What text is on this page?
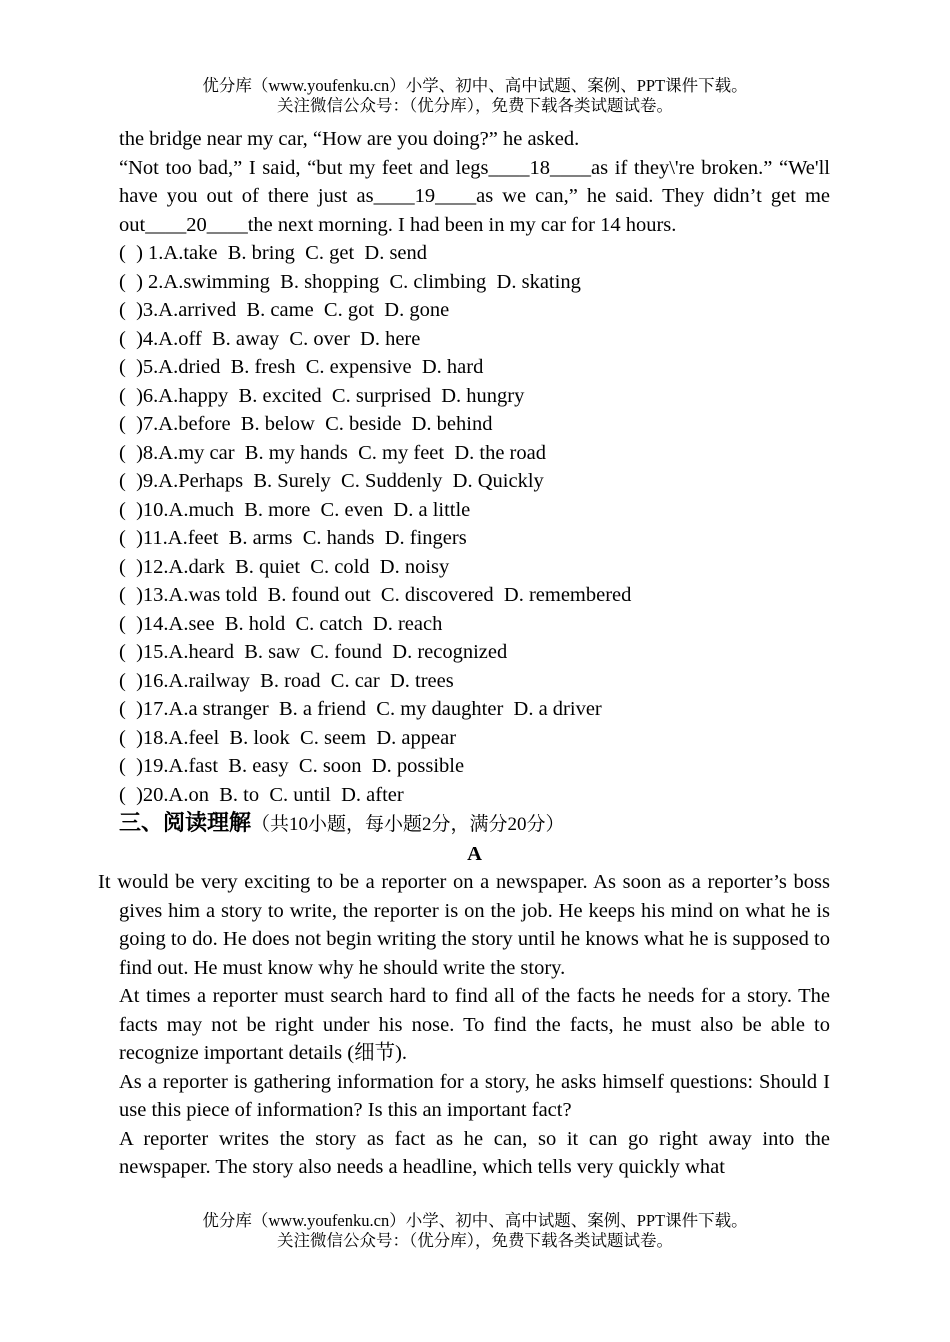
优分库（www.youfenku.cn）小学、初中、高中试题、案例、PPT课件下载。
关注微信公众号：（优分库），免费下载各类试题试卷。

the bridge near my car, “How are you doing?” he asked.

“Not too bad,” I said, “but my feet and legs____18____as if they\'re broken.” “We'll have you out of there just as____19____as we can,” he said. They didn’t get me out____20____the next morning. I had been in my car for 14 hours.

(  ) 1.A.take  B. bring  C. get  D. send

(  ) 2.A.swimming  B. shopping  C. climbing  D. skating

(  )3.A.arrived  B. came  C. got  D. gone

(  )4.A.off  B. away  C. over  D. here

(  )5.A.dried  B. fresh  C. expensive  D. hard

(  )6.A.happy  B. excited  C. surprised  D. hungry

(  )7.A.before  B. below  C. beside  D. behind

(  )8.A.my car  B. my hands  C. my feet  D. the road

(  )9.A.Perhaps  B. Surely  C. Suddenly  D. Quickly

(  )10.A.much  B. more  C. even  D. a little

(  )11.A.feet  B. arms  C. hands  D. fingers

(  )12.A.dark  B. quiet  C. cold  D. noisy

(  )13.A.was told  B. found out  C. discovered  D. remembered

(  )14.A.see  B. hold  C. catch  D. reach

(  )15.A.heard  B. saw  C. found  D. recognized

(  )16.A.railway  B. road  C. car  D. trees

(  )17.A.a stranger  B. a friend  C. my daughter  D. a driver

(  )18.A.feel  B. look  C. seem  D. appear

(  )19.A.fast  B. easy  C. soon  D. possible

(  )20.A.on  B. to  C. until  D. after

三、阅读理解（共10小题，每小题2分，满分20分）

A

It would be very exciting to be a reporter on a newspaper. As soon as a reporter’s boss gives him a story to write, the reporter is on the job. He keeps his mind on what he is going to do. He does not begin writing the story until he knows what he is supposed to find out. He must know why he should write the story.

At times a reporter must search hard to find all of the facts he needs for a story. The facts may not be right under his nose. To find the facts, he must also be able to recognize important details (细节).

As a reporter is gathering information for a story, he asks himself questions: Should I use this piece of information? Is this an important fact?

A reporter writes the story as fact as he can, so it can go right away into the newspaper. The story also needs a headline, which tells very quickly what

优分库（www.youfenku.cn）小学、初中、高中试题、案例、PPT课件下载。
关注微信公众号：（优分库），免费下载各类试题试卷。
